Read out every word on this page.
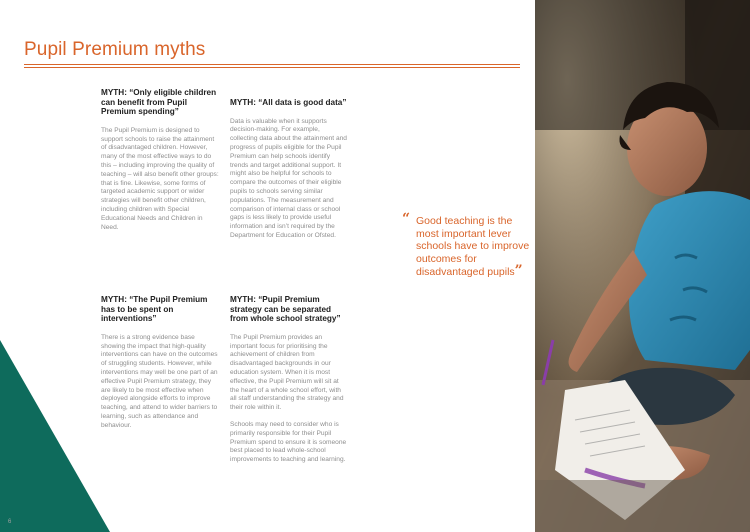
Pupil Premium myths
MYTH: “Only eligible children can benefit from Pupil Premium spending”

The Pupil Premium is designed to support schools to raise the attainment of disadvantaged children. However, many of the most effective ways to do this – including improving the quality of teaching – will also benefit other groups: that is fine. Likewise, some forms of targeted academic support or wider strategies will benefit other children, including children with Special Educational Needs and Children in Need.

MYTH: “All data is good data”

Data is valuable when it supports decision-making. For example, collecting data about the attainment and progress of pupils eligible for the Pupil Premium can help schools identify trends and target additional support. It might also be helpful for schools to compare the outcomes of their eligible pupils to schools serving similar populations. The measurement and comparison of internal class or school gaps is less likely to provide useful information and isn’t required by the Department for Education or Ofsted.

MYTH: “The Pupil Premium has to be spent on interventions”

There is a strong evidence base showing the impact that high-quality interventions can have on the outcomes of struggling students. However, while interventions may well be one part of an effective Pupil Premium strategy, they are likely to be most effective when deployed alongside efforts to improve teaching, and attend to wider barriers to learning, such as attendance and behaviour.

MYTH: “Pupil Premium strategy can be separated from whole school strategy”

The Pupil Premium provides an important focus for prioritising the achievement of children from disadvantaged backgrounds in our education system. When it is most effective, the Pupil Premium will sit at the heart of a whole school effort, with all staff understanding the strategy and their role within it.

Schools may need to consider who is primarily responsible for their Pupil Premium spend to ensure it is someone best placed to lead whole-school improvements to teaching and learning.

“ Good teaching is the most important lever schools have to improve outcomes for disadvantaged pupils”
6
